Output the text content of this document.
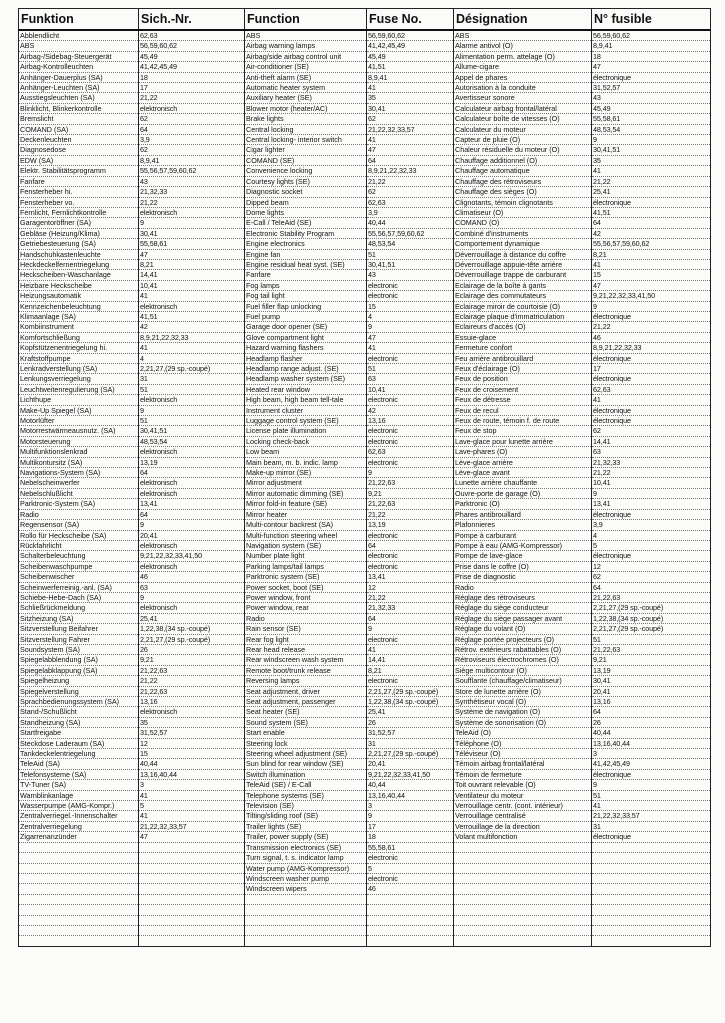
Funktion	Sich.-Nr.	Function	Fuse No.	Désignation	N° fusible
Abblendlicht	62,63	ABS	56,59,60,62	ABS	56,59,60,62
ABS	56,59,60,62	Airbag warning lamps	41,42,45,49	Alarme antivol (O)	8,9,41
Airbag-/Sidebag-Steuergerät	45,49	Airbag/side airbag control unit	45,49	Alimentation perm. attelage (O)	18
Airbag-Kontrolleuchten	41,42,45,49	Air-conditioner (SE)	41,51	Allume-cigare	47
Anhänger-Dauerplus (SA)	18	Anti-theft alarm (SE)	8,9,41	Appel de phares	électronique
Anhänger-Leuchten (SA)	17	Automatic heater system	41	Autorisation à la conduite	31,52,57
Ausstiegsleuchten (SA)	21,22	Auxiliary heater (SE)	35	Avertisseur sonore	43
Blinklicht, Blinkerkontrolle	elektronisch	Blower motor (heater/AC)	30,41	Calculateur airbag frontal/latéral	45,49
Bremslicht	62	Brake lights	62	Calculateur boîte de vitesses (O)	55,58,61
COMAND (SA)	64	Central locking	21,22,32,33,57	Calculateur du moteur	48,53,54
Deckenleuchten	3,9	Central locking- interior switch	41	Capteur de pluie (O)	9
Diagnosedose	62	Cigar lighter	47	Chaleur résiduelle du moteur (O)	30,41,51
EDW (SA)	8,9,41	COMAND (SE)	64	Chauffage additionnel (O)	35
Elektr. Stabilitätsprogramm	55,56,57,59,60,62	Convenience locking	8,9,21,22,32,33	Chauffage automatique	41
Fanfare	43	Courtesy lights (SE)	21,22	Chauffage des rétroviseurs	21,22
Fensterheber hi.	21,32,33	Diagnostic socket	62	Chauffage des sièges (O)	25,41
Fensterheber vo.	21,22	Dipped beam	62,63	Clignotants, témoin clignotants	électronique
Fernlicht, Fernlichtkontrolle	elektronisch	Dome lights	3,9	Climatiseur (O)	41,51
Garagentoröffner (SA)	9	E-Call / TeleAid (SE)	40,44	COMAND (O)	64
Gebläse (Heizung/Klima)	30,41	Electronic Stability Program	55,56,57,59,60,62	Combiné d'instruments	42
Getriebesteuerung (SA)	55,58,61	Engine electronics	48,53,54	Comportement dynamique	55,56,57,59,60,62
Handschuhkastenleuchte	47	Engine fan	51	Déverrouillage à distance du coffre	8,21
Heckdeckelfernentriegelung	8,21	Engine residual heat syst. (SE)	30,41,51	Déverrouillage appuie-tête arrière	41
Heckscheiben-Waschanlage	14,41	Fanfare	43	Déverrouillage trappe de carburant	15
Heizbare Heckscheibe	10,41	Fog lamps	electronic	Eclairage de la boîte à gants	47
Heizungsautomatik	41	Fog tail light	electronic	Eclairage des commutateurs	9,21,22,32,33,41,50
Kennzeichenbeleuchtung	elektronisch	Fuel filler flap unlocking	15	Eclairage miroir de courtoisie (O)	9
Klimaanlage (SA)	41,51	Fuel pump	4	Eclairage plaque d'immatriculation	électronique
Kombiinstrument	42	Garage door opener (SE)	9	Eclaireurs d'accès (O)	21,22
Komfortschließung	8,9,21,22,32,33	Glove compartment light	47	Essuie-glace	46
Kopfstützenentriegelung hi.	41	Hazard warning flashers	41	Fermeture confort	8,9,21,22,32,33
Kraftstoffpumpe	4	Headlamp flasher	electronic	Feu arrière antibrouillard	électronique
Lenkradverstellung (SA)	2,21,27,(29 sp.-coupé)	Headlamp range adjust. (SE)	51	Feux d'éclairage (O)	17
Lenkungsverriegelung	31	Headlamp washer system (SE)	63	Feux de position	électronique
Leuchtweitenregulierung (SA)	51	Heated rear window	10,41	Feux de croisement	62,63
Lichthupe	elektronisch	High beam, high beam tell-tale	electronic	Feux de détresse	41
Make-Up Spiegel (SA)	9	Instrument cluster	42	Feux de recul	électronique
Motorlüfter	51	Luggage control system (SE)	13,16	Feux de route, témoin f. de route	électronique
Motorrestwärmeausnutz. (SA)	30,41,51	License plate illumination	electronic	Feux de stop	62
Motorsteuerung	48,53,54	Locking check-back	electronic	Lave-glace pour lunette arrière	14,41
Multifunktionslenkrad	elektronisch	Low beam	62,63	Lave-phares (O)	63
Multikontursitz (SA)	13,19	Main beam, m. b. indic. lamp	electronic	Lève-glace arrière	21,32,33
Navigations-System (SA)	64	Make-up mirror (SE)	9	Lève-glace avant	21,22
Nebelscheinwerfer	elektronisch	Mirror adjustment	21,22,63	Lunette arrière chauffante	10,41
Nebelschlußlicht	elektronisch	Mirror automatic dimming (SE)	9,21	Ouvre-porte de garage (O)	9
Parktronic-System (SA)	13,41	Mirror fold-in feature (SE)	21,22,63	Parktronic (O)	13,41
Radio	64	Mirror heater	21,22	Phares antibrouillard	électronique
Regensensor (SA)	9	Multi-contour backrest (SA)	13,19	Plafonnieres	3,9
Rollo für Heckscheibe (SA)	20,41	Multi-function steering wheel	electronic	Pompe à carburant	4
Rückfahrlicht	elektronisch	Navigation system (SE)	64	Pompe à eau (AMG-Kompressor)	5
Schalterbeleuchtung	9,21,22,32,33,41,50	Number plate light	electronic	Pompe de lave-glace	électronique
Scheibenwaschpumpe	elektronisch	Parking lamps/tail lamps	electronic	Prise dans le coffre (O)	12
Scheibenwischer	46	Parktronic system (SE)	13,41	Prise de diagnostic	62
Scheinwerferreinig.-anl. (SA)	63	Power socket, boot (SE)	12	Radio	64
Schiebe-Hebe-Dach (SA)	9	Power window, front	21,22	Réglage des rétroviseurs	21,22,63
Schließrückmeldung	elektronisch	Power window, rear	21,32,33	Réglage du siège conducteur	2,21,27,(29 sp.-coupé)
Sitzheizung (SA)	25,41	Radio	64	Réglage du siège passager avant	1,22,38,(34 sp.-coupé)
Sitzverstellung Beifahrer	1,22,38,(34 sp.-coupé)	Rain sensor (SE)	9	Réglage du volant (O)	2,21,27,(29 sp.-coupé)
Sitzverstellung Fahrer	2,21,27,(29 sp.-coupé)	Rear fog light	electronic	Réglage portée projecteurs (O)	51
Soundsystem (SA)	26	Rear head release	41	Rétrov. extérieurs rabattables (O)	21,22,63
Spiegelabblendung (SA)	9,21	Rear windscreen wash system	14,41	Rétroviseurs électrochromes (O)	9,21
Spiegelabklappung (SA)	21,22,63	Remote boot/trunk release	8,21	Siège multicontour (O)	13,19
Spiegelheizung	21,22	Reversing lamps	electronic	Soufflante (chauffage/climatiseur)	30,41
Spiegelverstellung	21,22,63	Seat adjustment, driver	2,21,27,(29 sp.-coupé)	Store de lunette arrière (O)	20,41
Sprachbedienungssystem (SA)	13,16	Seat adjustment, passenger	1,22,38,(34 sp.-coupé)	Synthétiseur vocal (O)	13,16
Stand-/Schußlicht	elektronisch	Seat heater (SE)	25,41	Système de navigation (O)	64
Standheizung (SA)	35	Sound system (SE)	26	Système de sonorisation (O)	26
Startfreigabe	31,52,57	Start enable	31,52,57	TeleAid (O)	40,44
Steckdose Laderaum (SA)	12	Steering lock	31	Téléphone (O)	13,16,40,44
Tankdeckelentriegelung	15	Steering wheel adjustment (SE)	2,21,27,(29 sp.-coupé)	Téléviseur (O)	3
TeleAid (SA)	40,44	Sun blind for rear window (SE)	20,41	Témoin airbag frontal/latéral	41,42,45,49
Telefonsysteme (SA)	13,16,40,44	Switch illumination	9,21,22,32,33,41,50	Témoin de fermeture	électronique
TV-Tuner (SA)	3	TeleAid (SE) / E-Call	40,44	Toit ouvrant relevable (O)	9
Warnblinkanlage	41	Telephone systems (SE)	13,16,40,44	Ventilateur du moteur	51
Wasserpumpe (AMG-Kompr.)	5	Television (SE)	3	Verrouillage centr. (cont. intérieur)	41
Zentralverriegel.-Innenschalter	41	Tilting/sliding roof (SE)	9	Verrouillage centralisé	21,22,32,33,57
Zentralverriegelung	21,22,32,33,57	Trailer lights (SE)	17	Verrouillage de la direction	31
Zigarrenanzünder	47	Trailer, power supply (SE)	18	Volant multifonction	électronique
		Transmission electronics (SE)	55,58,61		
		Turn signal, t. s. indicator lamp	electronic		
		Water pump (AMG-Kompressor)	5		
		Windscreen washer pump	electronic		
		Windscreen wipers	46		
